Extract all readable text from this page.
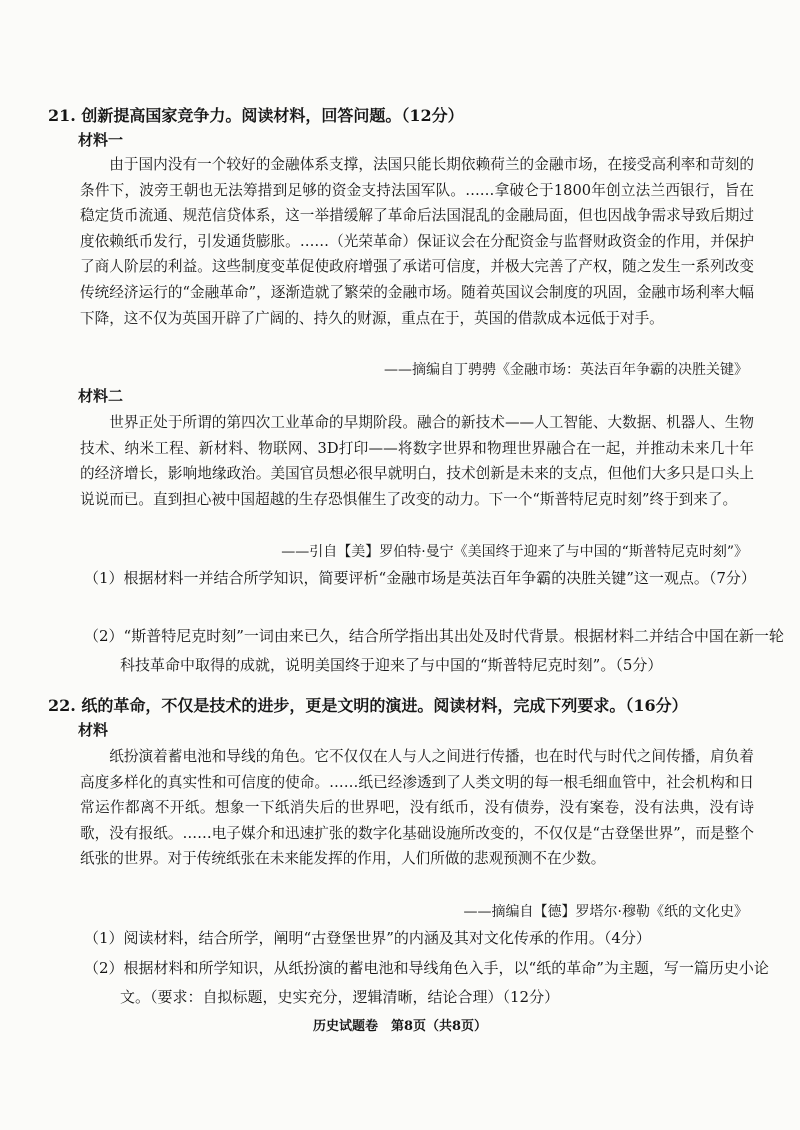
21. 创新提高国家竞争力。阅读材料，回答问题。（12分）
材料一
由于国内没有一个较好的金融体系支撑，法国只能长期依赖荷兰的金融市场，在接受高利率和苛刻的条件下，波旁王朝也无法筹措到足够的资金支持法国军队。……拿破仑于1800年创立法兰西银行，旨在稳定货币流通、规范信贷体系，这一举措缓解了革命后法国混乱的金融局面，但也因战争需求导致后期过度依赖纸币发行，引发通货膨胀。……（光荣革命）保证议会在分配资金与监督财政资金的作用，并保护了商人阶层的利益。这些制度变革促使政府增强了承诺可信度，并极大完善了产权，随之发生一系列改变传统经济运行的“金融革命”，逐渐造就了繁荣的金融市场。随着英国议会制度的巩固，金融市场利率大幅下降，这不仅为英国开辟了广阔的、持久的财源，重点在于，英国的借款成本远低于对手。
——摘编自丁骋骋《金融市场：英法百年争霸的决胜关键》
材料二
世界正处于所谓的第四次工业革命的早期阶段。融合的新技术——人工智能、大数据、机器人、生物技术、纳米工程、新材料、物联网、3D打印——将数字世界和物理世界融合在一起，并推动未来几十年的经济增长，影响地缘政治。美国官员想必很早就明白，技术创新是未来的支点，但他们大多只是口头上说说而已。直到担心被中国超越的生存恐惧催生了改变的动力。下一个“斯普特尼克时刻”终于到来了。
——引自【美】罗伯特·曼宁《美国终于迎来了与中国的“斯普特尼克时刻”》
（1）根据材料一并结合所学知识，简要评析“金融市场是英法百年争霸的决胜关键”这一观点。（7分）
（2）“斯普特尼克时刻”一词由来已久，结合所学指出其出处及时代背景。根据材料二并结合中国在新一轮科技革命中取得的成就，说明美国终于迎来了与中国的“斯普特尼克时刻”。（5分）
22. 纸的革命，不仅是技术的进步，更是文明的演进。阅读材料，完成下列要求。（16分）
材料
纸扮演着蓄电池和导线的角色。它不仅仅在人与人之间进行传播，也在时代与时代之间传播，肩负着高度多样化的真实性和可信度的使命。……纸已经渗透到了人类文明的每一根毛细血管中，社会机构和日常运作都离不开纸。想象一下纸消失后的世界吧，没有纸币，没有债券，没有案卷，没有法典，没有诗歌，没有报纸。……电子媒介和迅速扩张的数字化基础设施所改变的，不仅仅是“古登堡世界”，而是整个纸张的世界。对于传统纸张在未来能发挥的作用，人们所做的悲观预测不在少数。
——摘编自【德】罗塔尔·穆勒《纸的文化史》
（1）阅读材料，结合所学，阐明“古登堡世界”的内涵及其对文化传承的作用。（4分）
（2）根据材料和所学知识，从纸扮演的蓄电池和导线角色入手，以“纸的革命”为主题，写一篇历史小论文。（要求：自拟标题，史实充分，逻辑清晰，结论合理）（12分）
历史试题卷　第8页（共8页）
